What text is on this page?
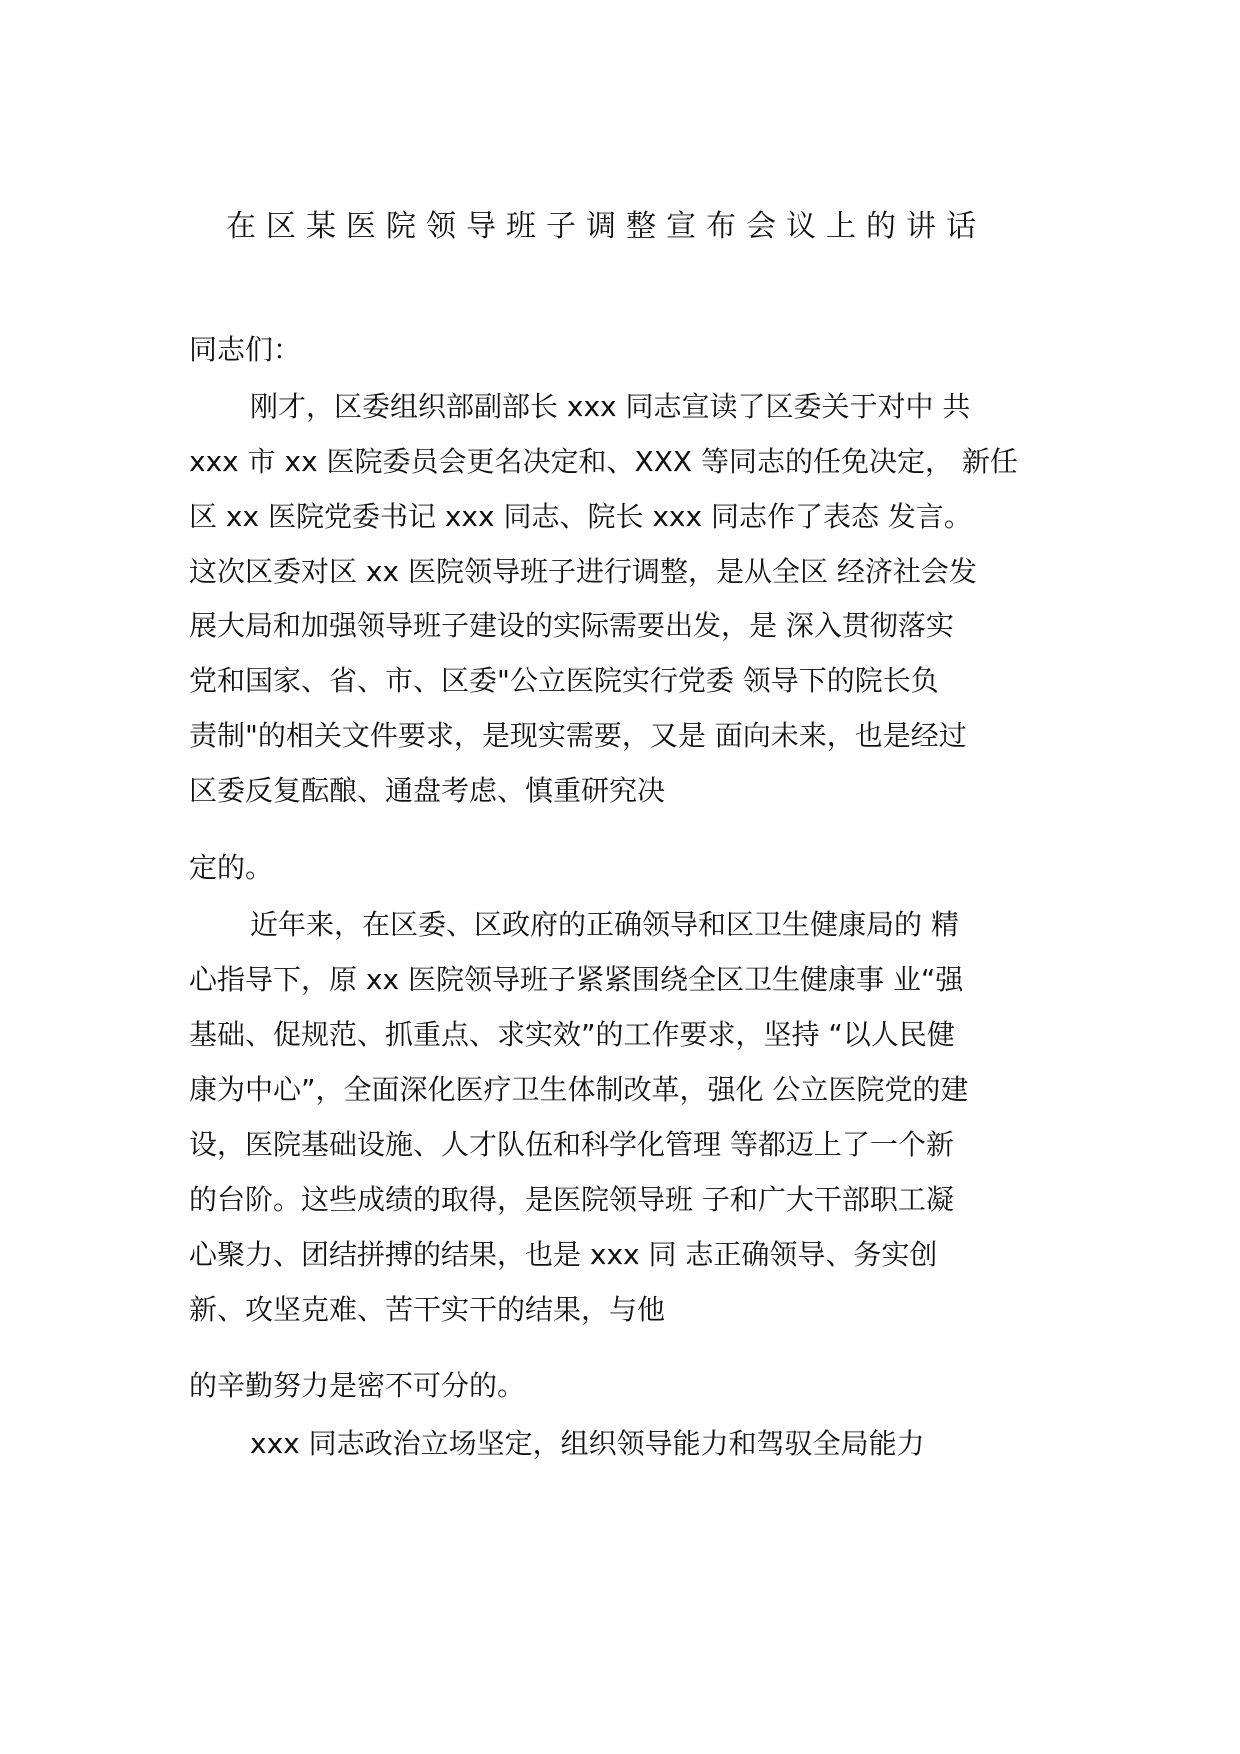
在区某医院领导班子调整宣布会议上的讲话

同志们：

刚才，区委组织部副部长 xxx 同志宣读了区委关于对中 共

xxx 市 xx 医院委员会更名决定和、XXX 等同志的任免决定， 新任

区 xx 医院党委书记 xxx 同志、院长 xxx 同志作了表态 发言。

这次区委对区 xx 医院领导班子进行调整，是从全区 经济社会发

展大局和加强领导班子建设的实际需要出发，是 深入贯彻落实

党和国家、省、市、区委"公立医院实行党委 领导下的院长负

责制"的相关文件要求，是现实需要，又是 面向未来，也是经过

区委反复酝酿、通盘考虑、慎重研究决

定的。

近年来，在区委、区政府的正确领导和区卫生健康局的 精

心指导下，原 xx 医院领导班子紧紧围绕全区卫生健康事 业“强

基础、促规范、抓重点、求实效”的工作要求，坚持 “以人民健

康为中心”，全面深化医疗卫生体制改革，强化 公立医院党的建

设，医院基础设施、人才队伍和科学化管理 等都迈上了一个新

的台阶。这些成绩的取得，是医院领导班 子和广大干部职工凝

心聚力、团结拼搏的结果，也是 xxx 同 志正确领导、务实创

新、攻坚克难、苦干实干的结果，与他

的辛勤努力是密不可分的。

xxx 同志政治立场坚定，组织领导能力和驾驭全局能力
